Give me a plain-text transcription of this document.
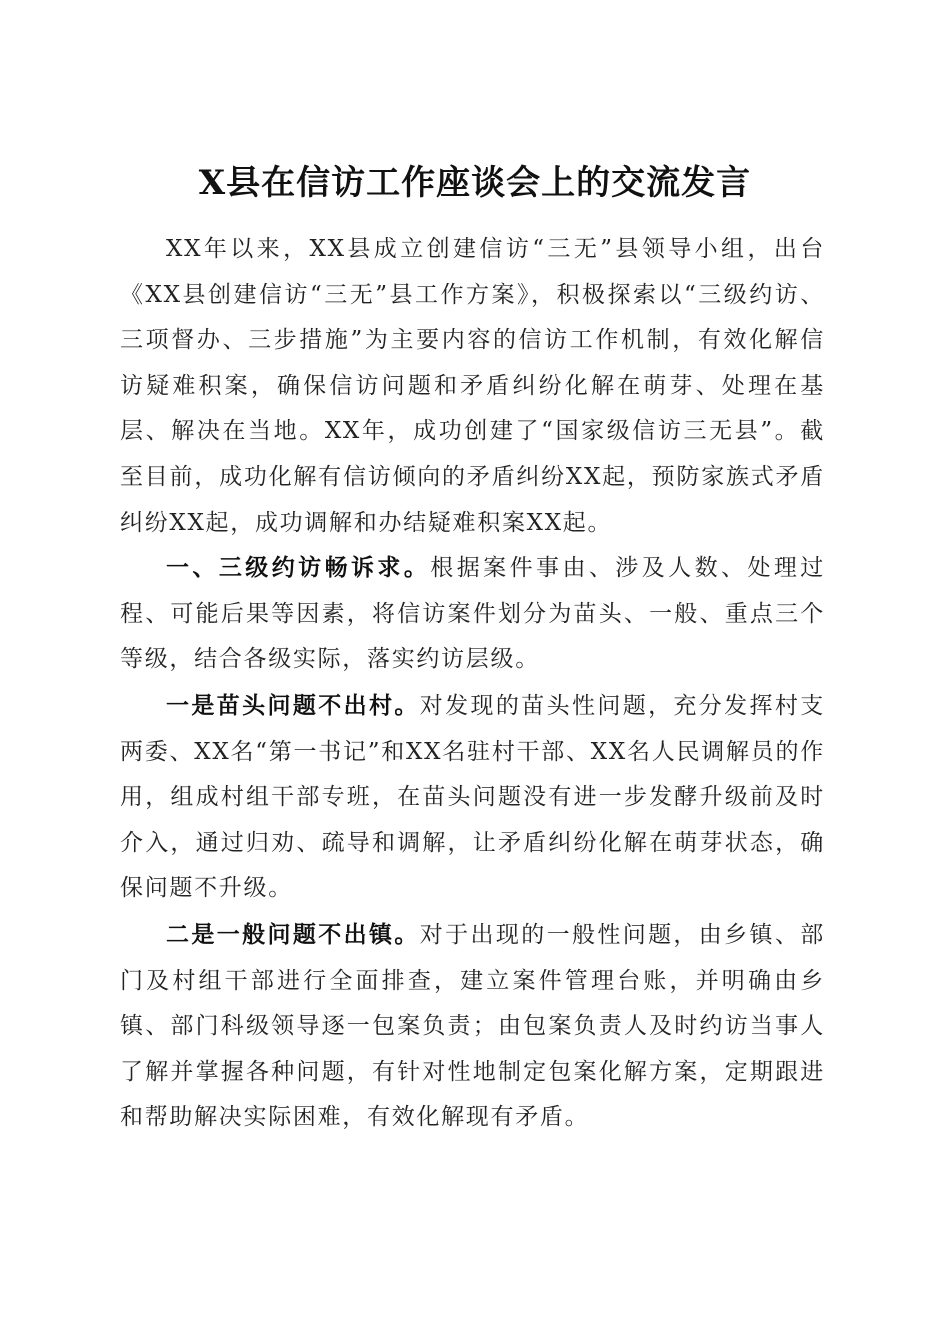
X县在信访工作座谈会上的交流发言

XX年以来，XX县成立创建信访“三无”县领导小组，出台《XX县创建信访“三无”县工作方案》，积极探索以“三级约访、三项督办、三步措施”为主要内容的信访工作机制，有效化解信访疑难积案，确保信访问题和矛盾纠纷化解在萌芽、处理在基层、解决在当地。XX年，成功创建了“国家级信访三无县”。截至目前，成功化解有信访倾向的矛盾纠纷XX起，预防家族式矛盾纠纷XX起，成功调解和办结疑难积案XX起。

一、三级约访畅诉求。根据案件事由、涉及人数、处理过程、可能后果等因素，将信访案件划分为苗头、一般、重点三个等级，结合各级实际，落实约访层级。

一是苗头问题不出村。对发现的苗头性问题，充分发挥村支两委、XX名“第一书记”和XX名驻村干部、XX名人民调解员的作用，组成村组干部专班，在苗头问题没有进一步发酵升级前及时介入，通过归劝、疏导和调解，让矛盾纠纷化解在萌芽状态，确保问题不升级。

二是一般问题不出镇。对于出现的一般性问题，由乡镇、部门及村组干部进行全面排查，建立案件管理台账，并明确由乡镇、部门科级领导逐一包案负责；由包案负责人及时约访当事人了解并掌握各种问题，有针对性地制定包案化解方案，定期跟进和帮助解决实际困难，有效化解现有矛盾。
